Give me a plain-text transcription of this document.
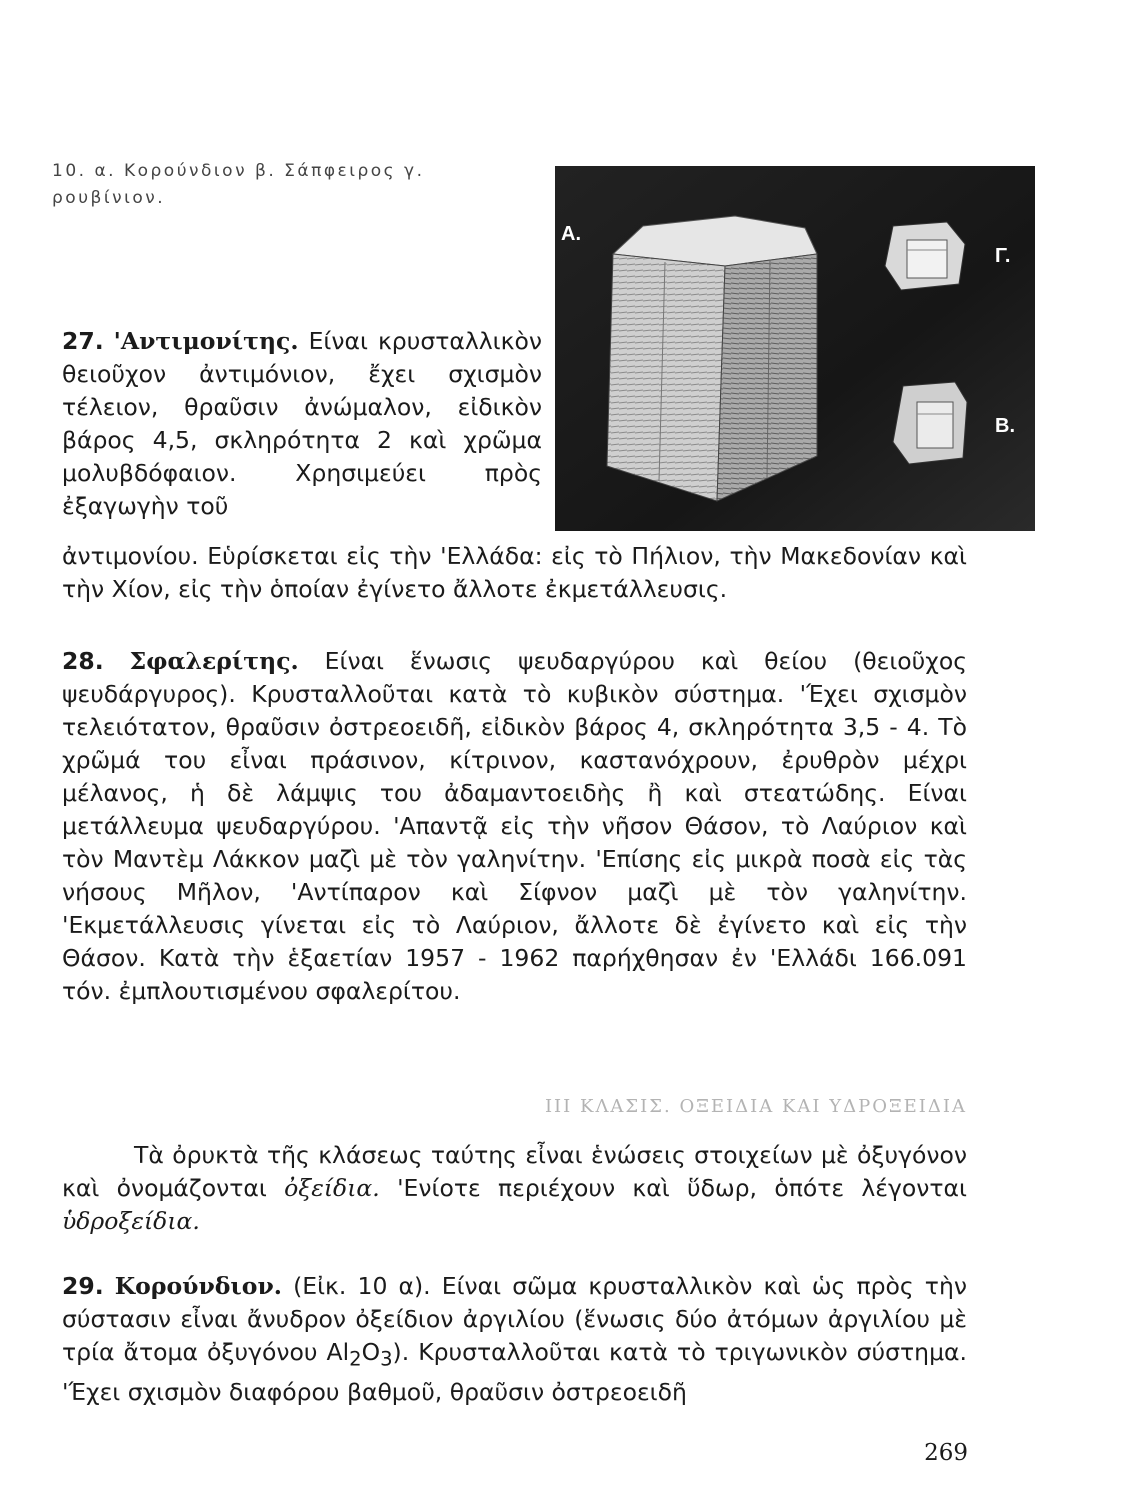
10. α. Κορούνδιον β. Σάπφειρος γ. ρουβίνιον.
Α.
Γ.
Β.

27. 'Αντιμονίτης. Είναι κρυσταλλικὸν θειοῦχον ἀντιμόνιον, ἔχει σχισμὸν τέλειον, θραῦσιν ἀνώμαλον, εἰδικὸν βάρος 4,5, σκληρότητα 2 καὶ χρῶμα μολυβδόφαιον. Χρησιμεύει πρὸς ἐξαγωγὴν τοῦ

ἀντιμονίου. Εὑρίσκεται εἰς τὴν 'Ελλάδα: εἰς τὸ Πήλιον, τὴν Μακεδονίαν καὶ τὴν Χίον, εἰς τὴν ὁποίαν ἐγίνετο ἄλλοτε ἐκμετάλλευσις.

28. Σφαλερίτης. Είναι ἕνωσις ψευδαργύρου καὶ θείου (θειοῦχος ψευδάργυρος). Κρυσταλλοῦται κατὰ τὸ κυβικὸν σύστημα. 'Έχει σχισμὸν τελειότατον, θραῦσιν ὀστρεοειδῆ, εἰδικὸν βάρος 4, σκληρότητα 3,5 - 4. Τὸ χρῶμά του εἶναι πράσινον, κίτρινον, καστανόχρουν, ἐρυθρὸν μέχρι μέλανος, ἡ δὲ λάμψις του ἀδαμαντοειδὴς ἢ καὶ στεατώδης. Είναι μετάλλευμα ψευδαργύρου. 'Απαντᾷ εἰς τὴν νῆσον Θάσον, τὸ Λαύριον καὶ τὸν Μαντὲμ Λάκκον μαζὶ μὲ τὸν γαληνίτην. 'Επίσης εἰς μικρὰ ποσὰ εἰς τὰς νήσους Μῆλον, 'Αντίπαρον καὶ Σίφνον μαζὶ μὲ τὸν γαληνίτην. 'Εκμετάλλευσις γίνεται εἰς τὸ Λαύριον, ἄλλοτε δὲ ἐγίνετο καὶ εἰς τὴν Θάσον. Κατὰ τὴν ἑξαετίαν 1957 - 1962 παρήχθησαν ἐν 'Ελλάδι 166.091 τόν. ἐμπλουτισμένου σφαλερίτου.

III ΚΛΑΣΙΣ. ΟΞΕΙΔΙΑ ΚΑΙ ΥΔΡΟΞΕΙΔΙΑ

Τὰ ὀρυκτὰ τῆς κλάσεως ταύτης εἶναι ἑνώσεις στοιχείων μὲ ὀξυγόνον καὶ ὀνομάζονται ὀξείδια. 'Ενίοτε περιέχουν καὶ ὕδωρ, ὁπότε λέγονται ὑδροξείδια.

29. Κορούνδιον. (Εἰκ. 10 α). Είναι σῶμα κρυσταλλικὸν καὶ ὡς πρὸς τὴν σύστασιν εἶναι ἄνυδρον ὀξείδιον ἀργιλίου (ἕνωσις δύο ἀτόμων ἀργιλίου μὲ τρία ἄτομα ὀξυγόνου $Al_2O_3$). Κρυσταλλοῦται κατὰ τὸ τριγωνικὸν σύστημα. 'Έχει σχισμὸν διαφόρου βαθμοῦ, θραῦσιν ὀστρεοειδῆ

269
